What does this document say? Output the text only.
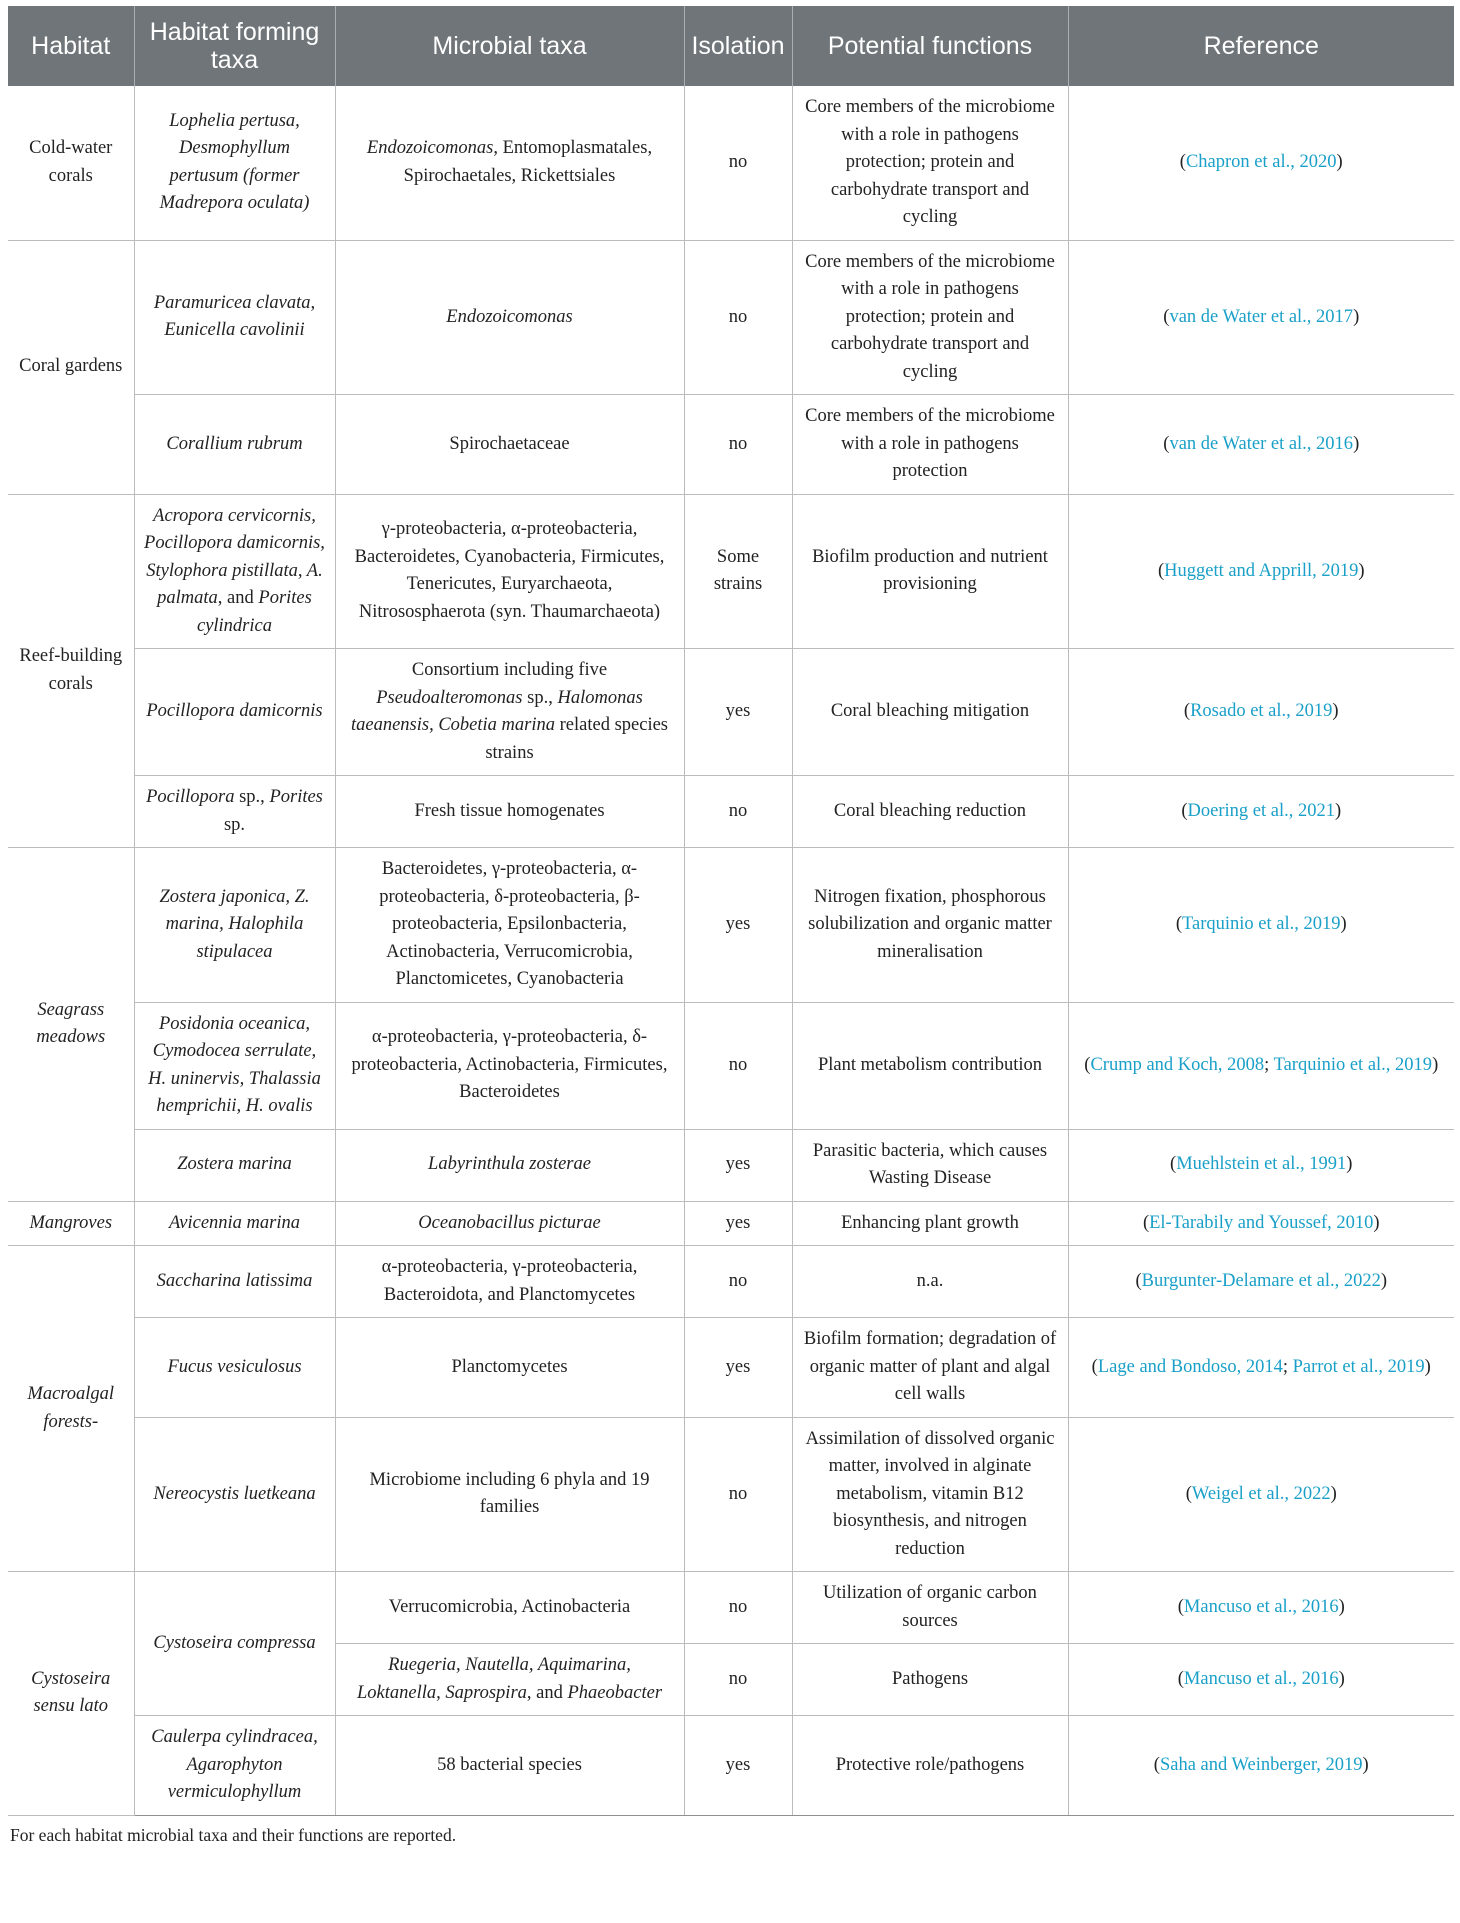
Habitat	Habitat forming taxa	Microbial taxa	Isolation	Potential functions	Reference
Cold-water corals	Lophelia pertusa, Desmophyllum pertusum (former Madrepora oculata)	Endozoicomonas, Entomoplasmatales, Spirochaetales, Rickettsiales	no	Core members of the microbiome with a role in pathogens protection; protein and carbohydrate transport and cycling	(Chapron et al., 2020)
Coral gardens	Paramuricea clavata, Eunicella cavolinii	Endozoicomonas	no	Core members of the microbiome with a role in pathogens protection; protein and carbohydrate transport and cycling	(van de Water et al., 2017)
	Corallium rubrum	Spirochaetaceae	no	Core members of the microbiome with a role in pathogens protection	(van de Water et al., 2016)
Reef-building corals	Acropora cervicornis, Pocillopora damicornis, Stylophora pistillata, A. palmata, and Porites cylindrica	γ-proteobacteria, α-proteobacteria, Bacteroidetes, Cyanobacteria, Firmicutes, Tenericutes, Euryarchaeota, Nitrososphaerota (syn. Thaumarchaeota)	Some strains	Biofilm production and nutrient provisioning	(Huggett and Apprill, 2019)
	Pocillopora damicornis	Consortium including five Pseudoalteromonas sp., Halomonas taeanensis, Cobetia marina related species strains	yes	Coral bleaching mitigation	(Rosado et al., 2019)
	Pocillopora sp., Porites sp.	Fresh tissue homogenates	no	Coral bleaching reduction	(Doering et al., 2021)
Seagrass meadows	Zostera japonica, Z. marina, Halophila stipulacea	Bacteroidetes, γ-proteobacteria, α-proteobacteria, δ-proteobacteria, β-proteobacteria, Epsilonbacteria, Actinobacteria, Verrucomicrobia, Planctomicetes, Cyanobacteria	yes	Nitrogen fixation, phosphorous solubilization and organic matter mineralisation	(Tarquinio et al., 2019)
	Posidonia oceanica, Cymodocea serrulate, H. uninervis, Thalassia hemprichii, H. ovalis	α-proteobacteria, γ-proteobacteria, δ-proteobacteria, Actinobacteria, Firmicutes, Bacteroidetes	no	Plant metabolism contribution	(Crump and Koch, 2008; Tarquinio et al., 2019)
	Zostera marina	Labyrinthula zosterae	yes	Parasitic bacteria, which causes Wasting Disease	(Muehlstein et al., 1991)
Mangroves	Avicennia marina	Oceanobacillus picturae	yes	Enhancing plant growth	(El-Tarabily and Youssef, 2010)
Macroalgal forests-	Saccharina latissima	α-proteobacteria, γ-proteobacteria, Bacteroidota, and Planctomycetes	no	n.a.	(Burgunter-Delamare et al., 2022)
	Fucus vesiculosus	Planctomycetes	yes	Biofilm formation; degradation of organic matter of plant and algal cell walls	(Lage and Bondoso, 2014; Parrot et al., 2019)
	Nereocystis luetkeana	Microbiome including 6 phyla and 19 families	no	Assimilation of dissolved organic matter, involved in alginate metabolism, vitamin B12 biosynthesis, and nitrogen reduction	(Weigel et al., 2022)
Cystoseira sensu lato	Cystoseira compressa	Verrucomicrobia, Actinobacteria	no	Utilization of organic carbon sources	(Mancuso et al., 2016)
		Ruegeria, Nautella, Aquimarina, Loktanella, Saprospira, and Phaeobacter	no	Pathogens	(Mancuso et al., 2016)
	Caulerpa cylindracea, Agarophyton vermiculophyllum	58 bacterial species	yes	Protective role/pathogens	(Saha and Weinberger, 2019)
For each habitat microbial taxa and their functions are reported.
